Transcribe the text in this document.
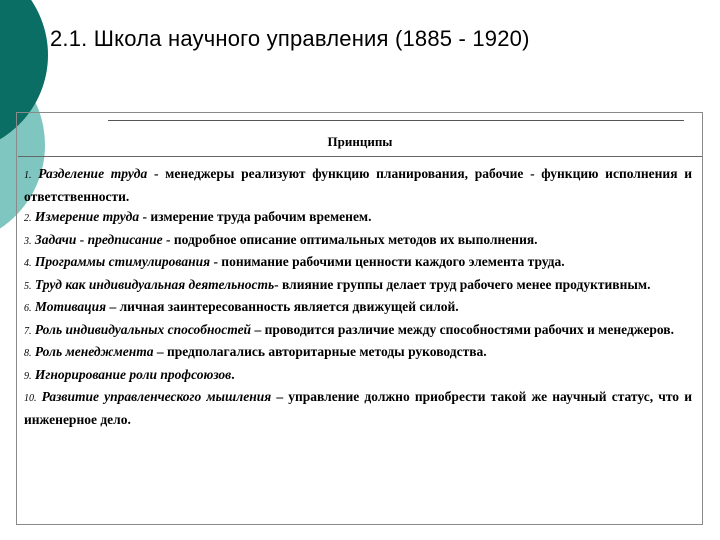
2.1. Школа научного управления (1885 - 1920)
Принципы
1. Разделение труда - менеджеры реализуют функцию планирования, рабочие - функцию исполнения и ответственности.
2. Измерение труда - измерение труда рабочим временем.
3. Задачи - предписание - подробное описание оптимальных методов их выполнения.
4. Программы стимулирования - понимание рабочими ценности каждого элемента труда.
5. Труд как индивидуальная деятельность- влияние группы делает труд рабочего менее продуктивным.
6. Мотивация – личная заинтересованность является движущей силой.
7. Роль индивидуальных способностей – проводится различие между способностями рабочих и менеджеров.
8. Роль менеджмента – предполагались авторитарные методы руководства.
9. Игнорирование роли профсоюзов.
10. Развитие управленческого мышления – управление должно приобрести такой же научный статус, что и инженерное дело.
